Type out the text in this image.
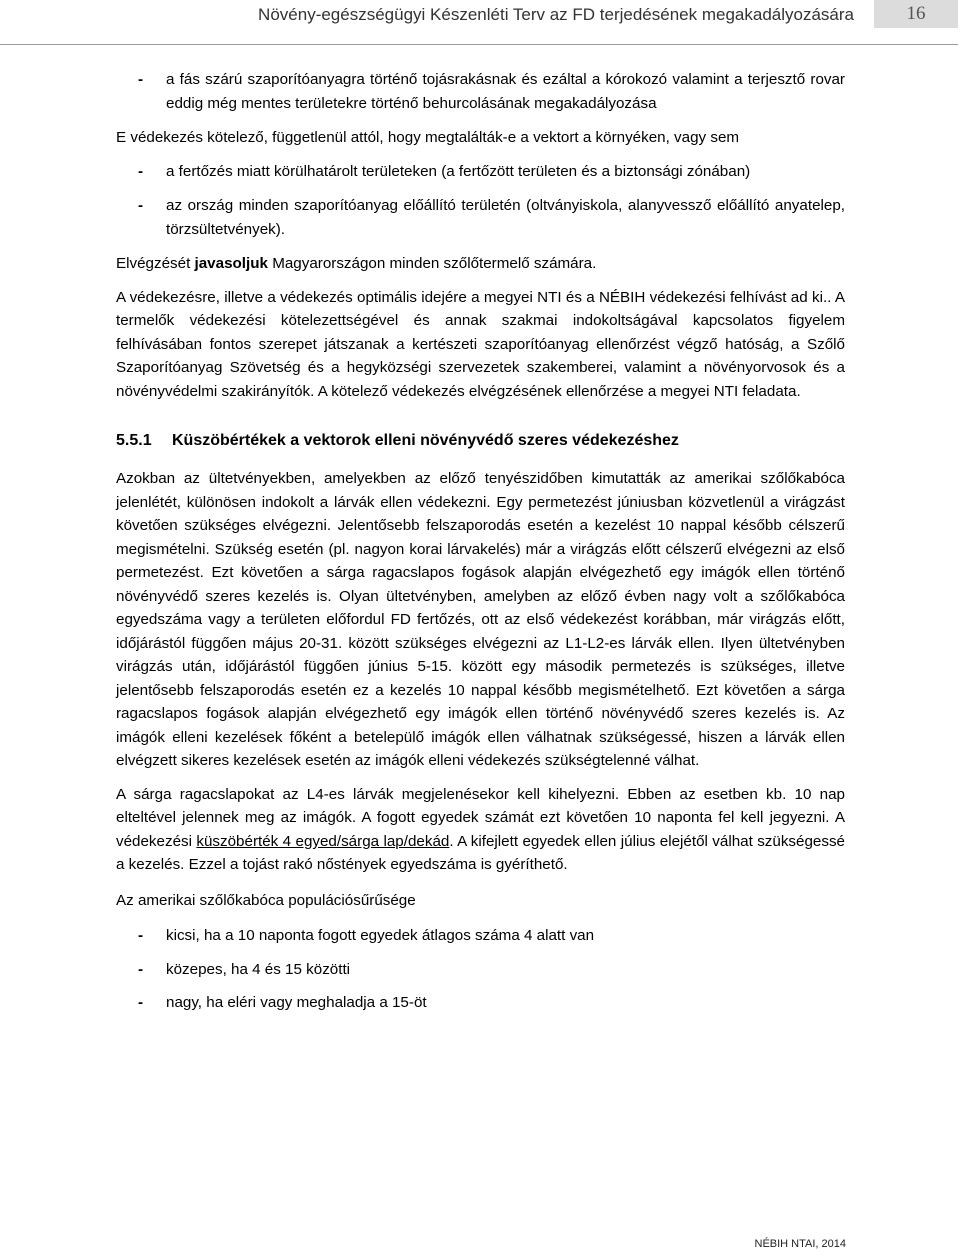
Növény-egészségügyi Készenléti Terv az FD terjedésének megakadályozására	16
- a fás szárú szaporítóanyagra történő tojásrakásnak és ezáltal a kórokozó valamint a terjesztő rovar eddig még mentes területekre történő behurcolásának megakadályozása

E védekezés kötelező, függetlenül attól, hogy megtalálták-e a vektort a környéken, vagy sem

- a fertőzés miatt körülhatárolt területeken (a fertőzött területen és a biztonsági zónában)
- az ország minden szaporítóanyag előállító területén (oltványiskola, alanyvessző előállító anyatelep, törzsültetvények).

Elvégzését javasoljuk Magyarországon minden szőlőtermelő számára.

A védekezésre, illetve a védekezés optimális idejére a megyei NTI és a NÉBIH védekezési felhívást ad ki.. A termelők védekezési kötelezettségével és annak szakmai indokoltságával kapcsolatos figyelem felhívásában fontos szerepet játszanak a kertészeti szaporítóanyag ellenőrzést végző hatóság, a Szőlő Szaporítóanyag Szövetség és a hegyközségi szervezetek szakemberei, valamint a növényorvosok és a növényvédelmi szakirányítók. A kötelező védekezés elvégzésének ellenőrzése a megyei NTI feladata.

5.5.1 Küszöbértékek a vektorok elleni növényvédő szeres védekezéshez

Azokban az ültetvényekben, amelyekben az előző tenyészidőben kimutatták az amerikai szőlőkabóca jelenlétét, különösen indokolt a lárvák ellen védekezni. Egy permetezést júniusban közvetlenül a virágzást követően szükséges elvégezni. Jelentősebb felszaporodás esetén a kezelést 10 nappal később célszerű megismételni. Szükség esetén (pl. nagyon korai lárvakelés) már a virágzás előtt célszerű elvégezni az első permetezést. Ezt követően a sárga ragacslapos fogások alapján elvégezhető egy imágók ellen történő növényvédő szeres kezelés is. Olyan ültetvényben, amelyben az előző évben nagy volt a szőlőkabóca egyedszáma vagy a területen előfordul FD fertőzés, ott az első védekezést korábban, már virágzás előtt, időjárástól függően május 20-31. között szükséges elvégezni az L1-L2-es lárvák ellen. Ilyen ültetvényben virágzás után, időjárástól függően június 5-15. között egy második permetezés is szükséges, illetve jelentősebb felszaporodás esetén ez a kezelés 10 nappal később megismételhető. Ezt követően a sárga ragacslapos fogások alapján elvégezhető egy imágók ellen történő növényvédő szeres kezelés is. Az imágók elleni kezelések főként a betelepülő imágók ellen válhatnak szükségessé, hiszen a lárvák ellen elvégzett sikeres kezelések esetén az imágók elleni védekezés szükségtelenné válhat.

A sárga ragacslapokat az L4-es lárvák megjelenésekor kell kihelyezni. Ebben az esetben kb. 10 nap elteltével jelennek meg az imágók. A fogott egyedek számát ezt követően 10 naponta fel kell jegyezni. A védekezési küszöbérték 4 egyed/sárga lap/dekád. A kifejlett egyedek ellen július elejétől válhat szükségessé a kezelés. Ezzel a tojást rakó nőstények egyedszáma is gyéríthető.

Az amerikai szőlőkabóca populációsűrűsége

- kicsi, ha a 10 naponta fogott egyedek átlagos száma 4 alatt van
- közepes, ha 4 és 15 közötti
- nagy, ha eléri vagy meghaladja a 15-öt
NÉBIH NTAI, 2014
